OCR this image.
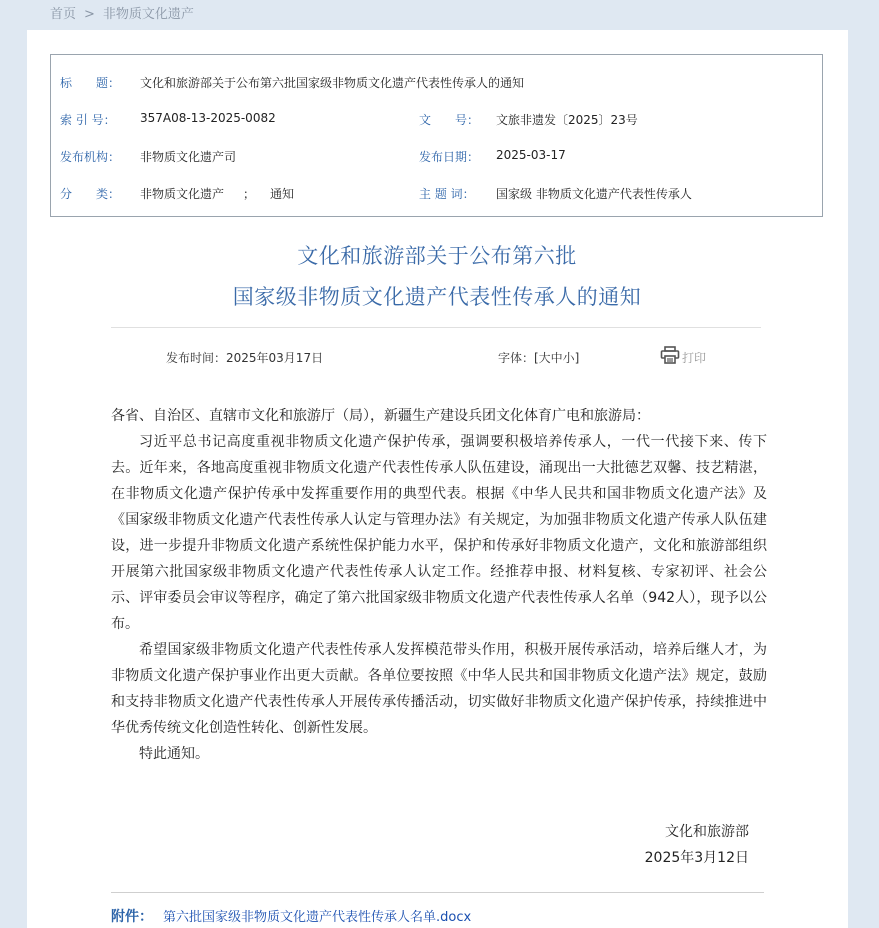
首页 > 非物质文化遗产
标　　题： 文化和旅游部关于公布第六批国家级非物质文化遗产代表性传承人的通知
索 引 号： 357A08-13-2025-0082	文　　号： 文旅非遗发〔2025〕23号
发布机构： 非物质文化遗产司	发布日期： 2025-03-17
分　　类： 非物质文化遗产 ； 通知	主 题 词： 国家级 非物质文化遗产代表性传承人
文化和旅游部关于公布第六批
国家级非物质文化遗产代表性传承人的通知
发布时间：2025年03月17日	字体：[大中小]	打印

各省、自治区、直辖市文化和旅游厅（局），新疆生产建设兵团文化体育广电和旅游局：

习近平总书记高度重视非物质文化遗产保护传承，强调要积极培养传承人，一代一代接下来、传下去。近年来，各地高度重视非物质文化遗产代表性传承人队伍建设，涌现出一大批德艺双馨、技艺精湛，在非物质文化遗产保护传承中发挥重要作用的典型代表。根据《中华人民共和国非物质文化遗产法》及《国家级非物质文化遗产代表性传承人认定与管理办法》有关规定，为加强非物质文化遗产传承人队伍建设，进一步提升非物质文化遗产系统性保护能力水平，保护和传承好非物质文化遗产，文化和旅游部组织开展第六批国家级非物质文化遗产代表性传承人认定工作。经推荐申报、材料复核、专家初评、社会公示、评审委员会审议等程序，确定了第六批国家级非物质文化遗产代表性传承人名单（942人），现予以公布。

希望国家级非物质文化遗产代表性传承人发挥模范带头作用，积极开展传承活动，培养后继人才，为非物质文化遗产保护事业作出更大贡献。各单位要按照《中华人民共和国非物质文化遗产法》规定，鼓励和支持非物质文化遗产代表性传承人开展传承传播活动，切实做好非物质文化遗产保护传承，持续推进中华优秀传统文化创造性转化、创新性发展。

特此通知。

文化和旅游部
2025年3月12日
附件： 第六批国家级非物质文化遗产代表性传承人名单.docx
